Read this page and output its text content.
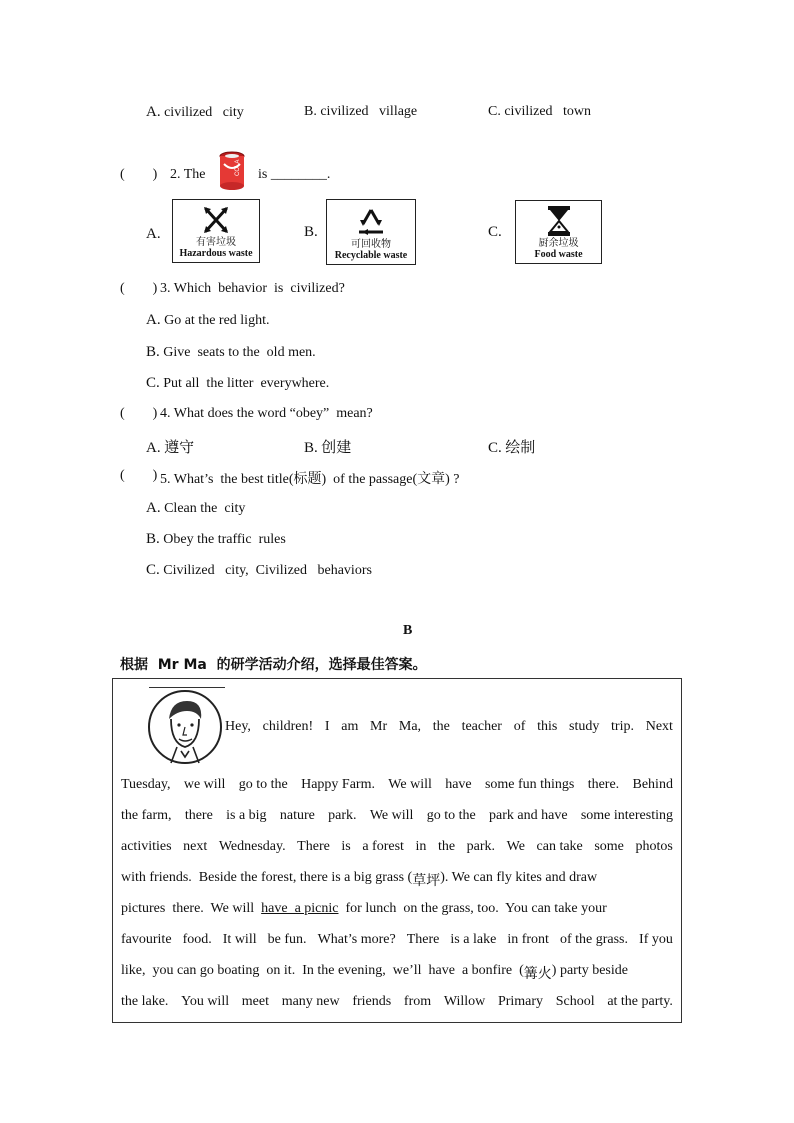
A. civilized   city	B. civilized   village	C. civilized   town
(        ) 2. The	COLA is ________.
A.
有害垃圾
Hazardous waste
B.
可回收物
Recyclable waste
C.
厨余垃圾
Food waste
(        ) 3. Which  behavior  is  civilized?
A. Go at the red light.
B. Give  seats to the  old men.
C. Put all  the litter  everywhere.
(        ) 4. What does the word “obey”  mean?
A. 遵守	B. 创建	C. 绘制
(        ) 5. What’s  the best title(标题)  of the passage(文章) ?
A. Clean the  city
B. Obey the traffic  rules
C. Civilized   city,  Civilized   behaviors
B
根据  Mr Ma  的研学活动介绍，选择最佳答案。
Hey, children! I am Mr Ma, the teacher of this study trip. Next
Tuesday, we will go to the Happy Farm. We will have some fun things there. Behind
the farm, there is a big nature park. We will go to the park and have some interesting
activities next Wednesday. There is a forest in the park. We can take some photos
with friends.  Beside the forest, there is a big grass ( 草坪 ). We can fly kites and draw
pictures  there.  We will have  a picnic for lunch  on the grass, too.  You can take your
favourite food. It will be fun. What’s more? There is a lake in front of the grass. If you
like,  you can go boating  on it.  In the evening,  we’ll  have  a bonfire  ( 篝火 ) party beside
the lake. You will meet many new friends from Willow Primary School at the party.
